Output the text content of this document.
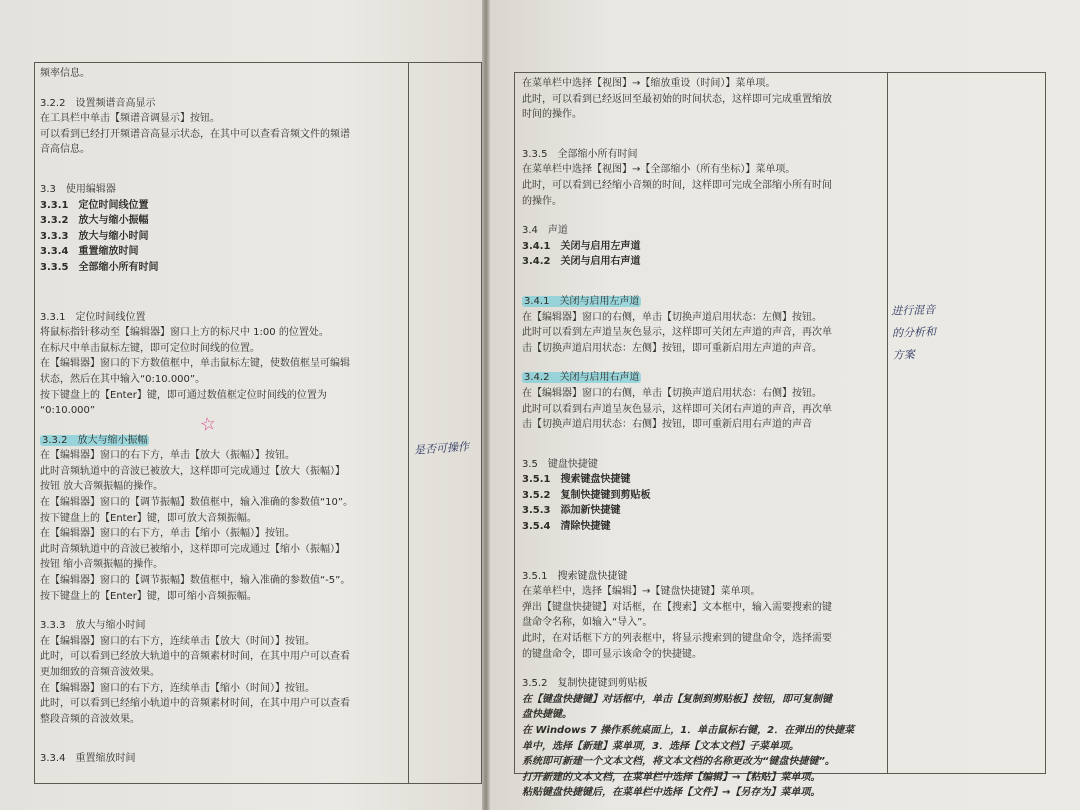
频率信息。
3.2.2　设置频谱音高显示
在工具栏中单击【频谱音调显示】按钮。
可以看到已经打开频谱音高显示状态，在其中可以查看音频文件的频谱
音高信息。
3.3　使用编辑器
3.3.1　定位时间线位置
3.3.2　放大与缩小振幅
3.3.3　放大与缩小时间
3.3.4　重置缩放时间
3.3.5　全部缩小所有时间
3.3.1　定位时间线位置
将鼠标指针移动至【编辑器】窗口上方的标尺中 1:00 的位置处。
在标尺中单击鼠标左键，即可定位时间线的位置。
在【编辑器】窗口的下方数值框中，单击鼠标左键，使数值框呈可编辑
状态，然后在其中输入“0:10.000”。
按下键盘上的【Enter】键，即可通过数值框定位时间线的位置为
“0:10.000”
3.3.2　放大与缩小振幅
在【编辑器】窗口的右下方，单击【放大（振幅）】按钮。
此时音频轨道中的音波已被放大，这样即可完成通过【放大（振幅）】
按钮 放大音频振幅的操作。
在【编辑器】窗口的【调节振幅】数值框中，输入准确的参数值“10”。
按下键盘上的【Enter】键，即可放大音频振幅。
在【编辑器】窗口的右下方，单击【缩小（振幅）】按钮。
此时音频轨道中的音波已被缩小，这样即可完成通过【缩小（振幅）】
按钮 缩小音频振幅的操作。
在【编辑器】窗口的【调节振幅】数值框中，输入准确的参数值“-5”。
按下键盘上的【Enter】键，即可缩小音频振幅。
3.3.3　放大与缩小时间
在【编辑器】窗口的右下方，连续单击【放大（时间）】按钮。
此时，可以看到已经放大轨道中的音频素材时间，在其中用户可以查看
更加细致的音频音波效果。
在【编辑器】窗口的右下方，连续单击【缩小（时间）】按钮。
此时，可以看到已经缩小轨道中的音频素材时间，在其中用户可以查看
整段音频的音波效果。
3.3.4　重置缩放时间
☆
是否可操作
在菜单栏中选择【视图】→【缩放重设（时间）】菜单项。
此时，可以看到已经返回至最初始的时间状态，这样即可完成重置缩放
时间的操作。
3.3.5　全部缩小所有时间
在菜单栏中选择【视图】→【全部缩小（所有坐标）】菜单项。
此时，可以看到已经缩小音频的时间，这样即可完成全部缩小所有时间
的操作。
3.4　声道
3.4.1　关闭与启用左声道
3.4.2　关闭与启用右声道
3.4.1　关闭与启用左声道
在【编辑器】窗口的右侧，单击【切换声道启用状态：左侧】按钮。
此时可以看到左声道呈灰色显示，这样即可关闭左声道的声音，再次单
击【切换声道启用状态：左侧】按钮，即可重新启用左声道的声音。
3.4.2　关闭与启用右声道
在【编辑器】窗口的右侧，单击【切换声道启用状态：右侧】按钮。
此时可以看到右声道呈灰色显示，这样即可关闭右声道的声音，再次单
击【切换声道启用状态：右侧】按钮，即可重新启用右声道的声音
3.5　键盘快捷键
3.5.1　搜索键盘快捷键
3.5.2　复制快捷键到剪贴板
3.5.3　添加新快捷键
3.5.4　清除快捷键
3.5.1　搜索键盘快捷键
在菜单栏中，选择【编辑】→【键盘快捷键】菜单项。
弹出【键盘快捷键】对话框，在【搜索】文本框中，输入需要搜索的键
盘命令名称，如输入“导入”。
此时，在对话框下方的列表框中，将显示搜索到的键盘命令，选择需要
的键盘命令，即可显示该命令的快捷键。
3.5.2　复制快捷键到剪贴板
在【键盘快捷键】对话框中，单击【复制到剪贴板】按钮，即可复制键
盘快捷键。
在 Windows 7 操作系统桌面上，1．单击鼠标右键，2．在弹出的快捷菜
单中，选择【新建】菜单项，3．选择【文本文档】子菜单项。
系统即可新建一个文本文档，将文本文档的名称更改为“键盘快捷键”。
打开新建的文本文档，在菜单栏中选择【编辑】→【粘贴】菜单项。
粘贴键盘快捷键后，在菜单栏中选择【文件】→【另存为】菜单项。
进行混音
的分析和
方案
